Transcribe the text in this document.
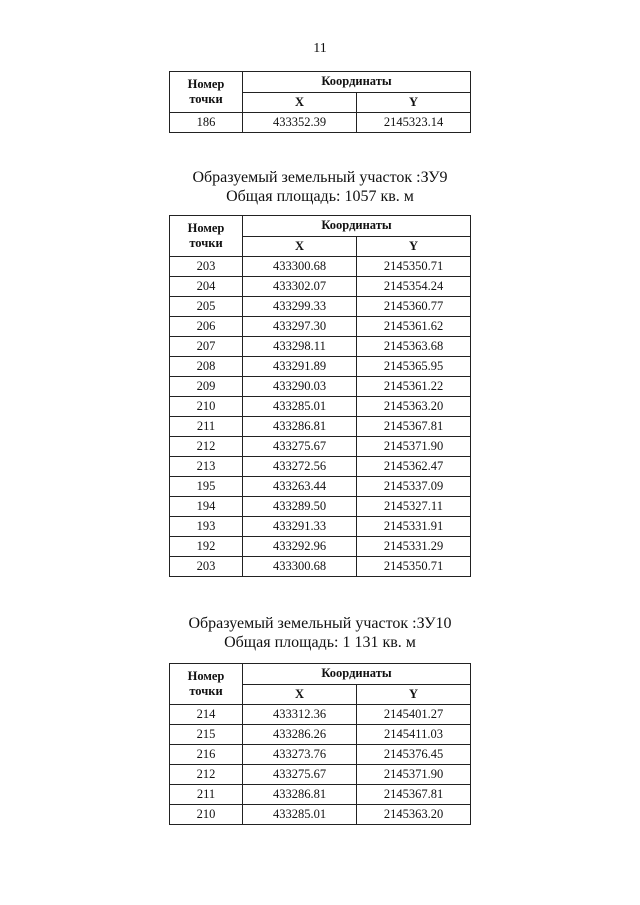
11
Номер
точки	Координаты	
	X	Y
186	433352.39	2145323.14
Образуемый земельный участок :ЗУ9
Общая площадь: 1057 кв. м
Номер
точки	Координаты	
	X	Y
203	433300.68	2145350.71
204	433302.07	2145354.24
205	433299.33	2145360.77
206	433297.30	2145361.62
207	433298.11	2145363.68
208	433291.89	2145365.95
209	433290.03	2145361.22
210	433285.01	2145363.20
211	433286.81	2145367.81
212	433275.67	2145371.90
213	433272.56	2145362.47
195	433263.44	2145337.09
194	433289.50	2145327.11
193	433291.33	2145331.91
192	433292.96	2145331.29
203	433300.68	2145350.71
Образуемый земельный участок :ЗУ10
Общая площадь: 1 131 кв. м
Номер
точки	Координаты	
	X	Y
214	433312.36	2145401.27
215	433286.26	2145411.03
216	433273.76	2145376.45
212	433275.67	2145371.90
211	433286.81	2145367.81
210	433285.01	2145363.20
